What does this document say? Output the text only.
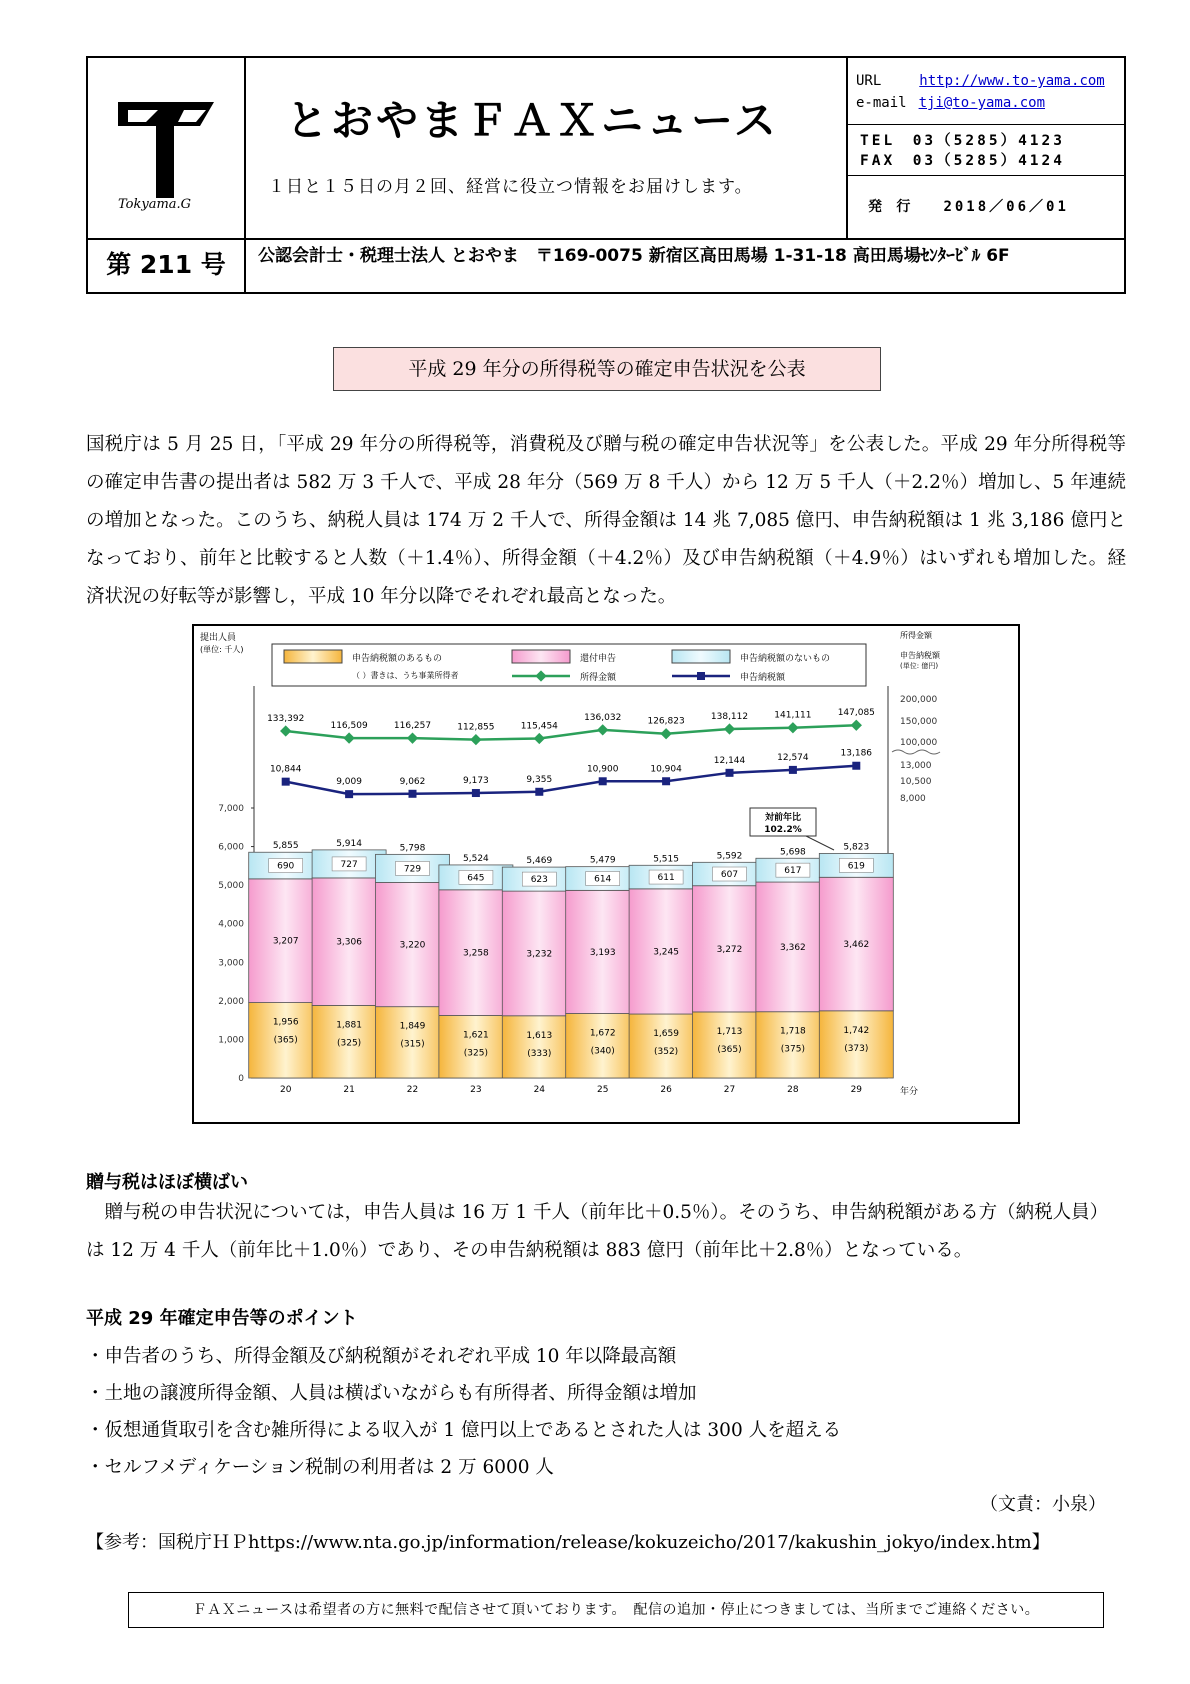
Tokyama.G
とおやまＦＡＸニュース
１日と１５日の月２回、経営に役立つ情報をお届けします。
URL	http://www.to-yama.com
e-mail tji@to-yama.com
TEL　03（5285）4123
FAX　03（5285）4124
発 行 2018／06／01
第 211 号	公認会計士・税理士法人 とおやま　〒169-0075 新宿区高田馬場 1-31-18 高田馬場ｾﾝﾀｰﾋﾞﾙ 6F
平成 29 年分の所得税等の確定申告状況を公表
国税庁は 5 月 25 日，「平成 29 年分の所得税等，消費税及び贈与税の確定申告状況等」を公表した。平成 29 年分所得税等の確定申告書の提出者は 582 万 3 千人で、平成 28 年分（569 万 8 千人）から 12 万 5 千人（＋2.2％）増加し、5 年連続の増加となった。このうち、納税人員は 174 万 2 千人で、所得金額は 14 兆 7,085 億円、申告納税額は 1 兆 3,186 億円となっており、前年と比較すると人数（＋1.4％）、所得金額（＋4.2％）及び申告納税額（＋4.9％）はいずれも増加した。経済状況の好転等が影響し，平成 10 年分以降でそれぞれ最高となった。
提出人員
(単位: 千人)
0
1,000
2,000
3,000
4,000
5,000
6,000
7,000
所得金額
申告納税額
(単位: 億円)
200,000
150,000
100,000
13,000
10,500
8,000
申告納税額のあるもの
（ ）書きは、うち事業所得者
還付申告	申告納税額のないもの
所得金額	申告納税額
1,956
(365)
3,207
690
5,855
20
1,881
(325)
3,306
727
5,914
21
1,849
(315)
3,220
729
5,798
22
1,621
(325)
3,258
645
5,524
23
1,613
(333)
3,232
623
5,469
24
1,672
(340)
3,193
614
5,479
25
1,659
(352)
3,245
611
5,515
26
1,713
(365)
3,272
607
5,592
27
1,718
(375)
3,362
617
5,698
28
1,742
(373)
3,462
619
5,823
29	年分
133,392
116,509	116,257	112,855	115,454
136,032	126,823	138,112	141,111	147,085
10,844
9,009	9,062	9,173	9,355
10,900	10,904
12,144	12,574	13,186
対前年比
102.2%
贈与税はほぼ横ばい
　贈与税の申告状況については，申告人員は 16 万 1 千人（前年比＋0.5％）。そのうち、申告納税額がある方（納税人員）は 12 万 4 千人（前年比＋1.0％）であり、その申告納税額は 883 億円（前年比＋2.8％）となっている。
平成 29 年確定申告等のポイント
・申告者のうち、所得金額及び納税額がそれぞれ平成 10 年以降最高額
・土地の譲渡所得金額、人員は横ばいながらも有所得者、所得金額は増加
・仮想通貨取引を含む雑所得による収入が 1 億円以上であるとされた人は 300 人を超える
・セルフメディケーション税制の利用者は 2 万 6000 人
（文責：小泉）
【参考：国税庁ＨＰhttps://www.nta.go.jp/information/release/kokuzeicho/2017/kakushin_jokyo/index.htm】
ＦＡＸニュースは希望者の方に無料で配信させて頂いております。　配信の追加・停止につきましては、当所までご連絡ください。
